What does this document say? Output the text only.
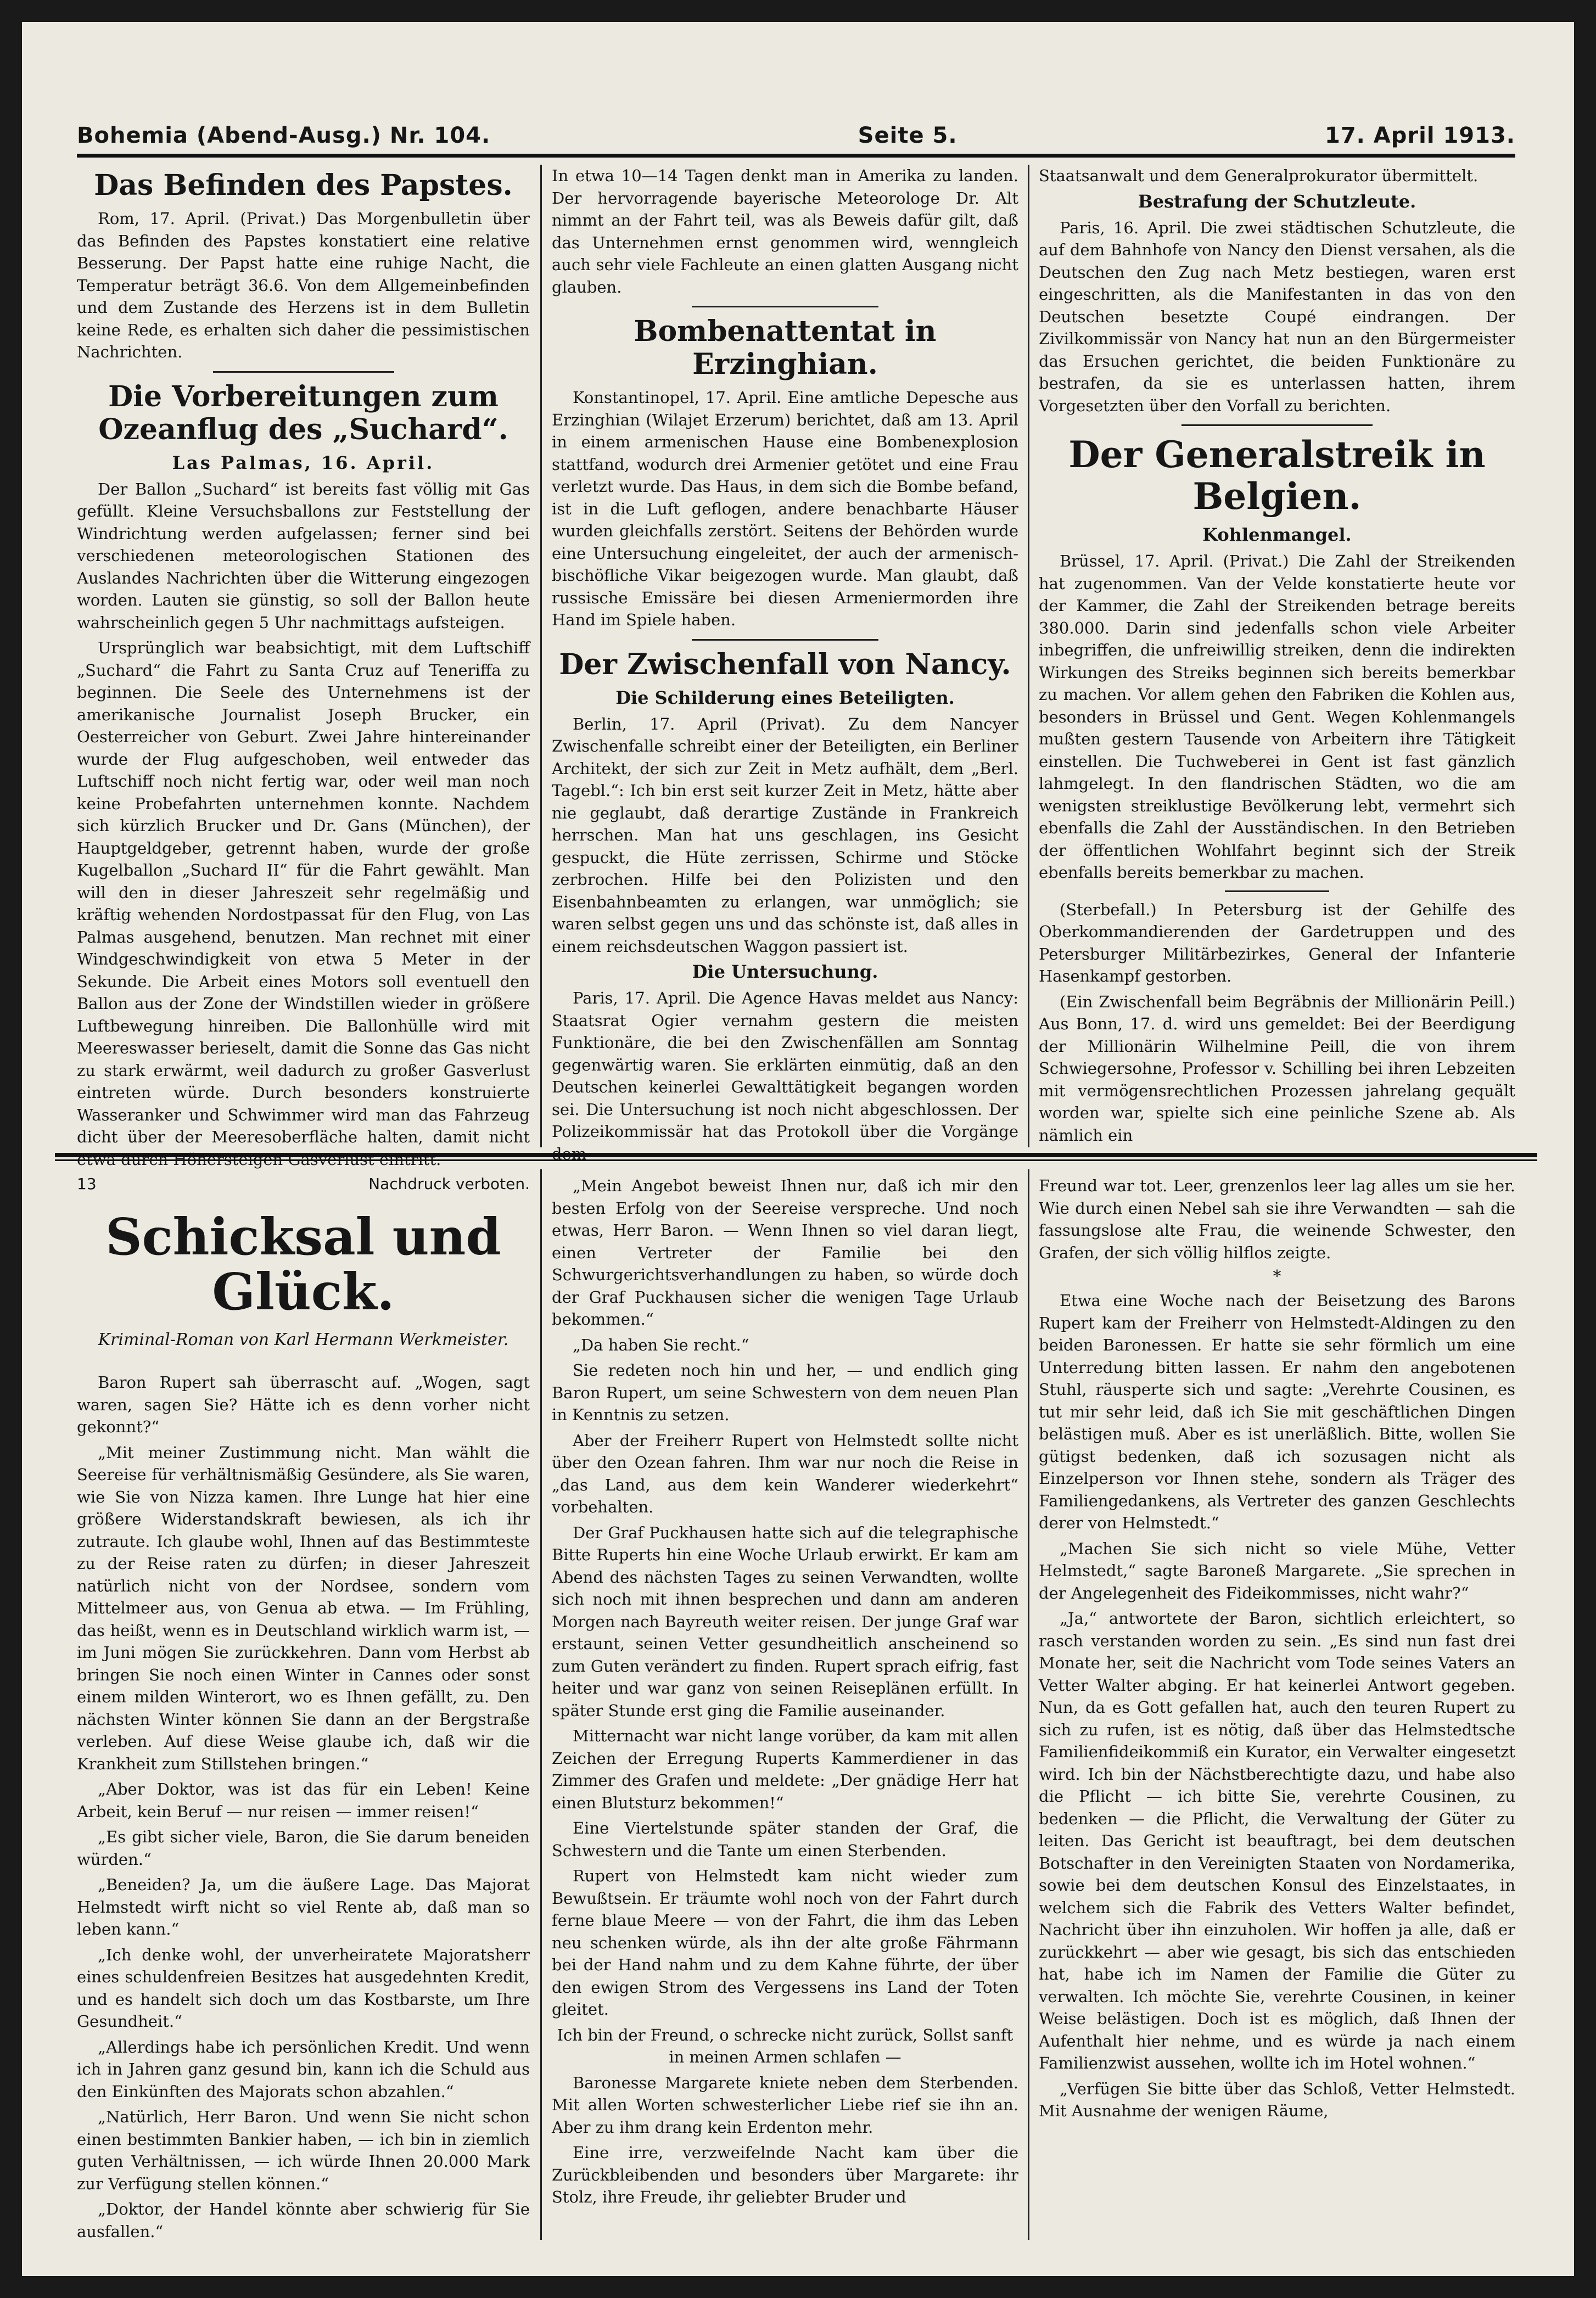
Bohemia (Abend-Ausg.) Nr. 104.	Seite 5.	17. April 1913.
Das Befinden des Papstes.

Rom, 17. April. (Privat.) Das Morgenbulletin über das Befinden des Papstes konstatiert eine relative Besserung. Der Papst hatte eine ruhige Nacht, die Temperatur beträgt 36.6. Von dem Allgemeinbefinden und dem Zustande des Herzens ist in dem Bulletin keine Rede, es erhalten sich daher die pessimistischen Nachrichten.

Die Vorbereitungen zum Ozeanflug des „Suchard“.
Las Palmas, 16. April.

Der Ballon „Suchard“ ist bereits fast völlig mit Gas gefüllt. Kleine Versuchsballons zur Feststellung der Windrichtung werden aufgelassen; ferner sind bei verschiedenen meteorologischen Stationen des Auslandes Nachrichten über die Witterung eingezogen worden. Lauten sie günstig, so soll der Ballon heute wahrscheinlich gegen 5 Uhr nachmittags aufsteigen.

Ursprünglich war beabsichtigt, mit dem Luftschiff „Suchard“ die Fahrt zu Santa Cruz auf Teneriffa zu beginnen. Die Seele des Unternehmens ist der amerikanische Journalist Joseph Brucker, ein Oesterreicher von Geburt. Zwei Jahre hintereinander wurde der Flug aufgeschoben, weil entweder das Luftschiff noch nicht fertig war, oder weil man noch keine Probefahrten unternehmen konnte. Nachdem sich kürzlich Brucker und Dr. Gans (München), der Hauptgeldgeber, getrennt haben, wurde der große Kugelballon „Suchard II“ für die Fahrt gewählt. Man will den in dieser Jahreszeit sehr regelmäßig und kräftig wehenden Nordostpassat für den Flug, von Las Palmas ausgehend, benutzen. Man rechnet mit einer Windgeschwindigkeit von etwa 5 Meter in der Sekunde. Die Arbeit eines Motors soll eventuell den Ballon aus der Zone der Windstillen wieder in größere Luftbewegung hinreiben. Die Ballonhülle wird mit Meereswasser berieselt, damit die Sonne das Gas nicht zu stark erwärmt, weil dadurch zu großer Gasverlust eintreten würde. Durch besonders konstruierte Wasseranker und Schwimmer wird man das Fahrzeug dicht über der Meeresoberfläche halten, damit nicht

In etwa 10—14 Tagen denkt man in Amerika zu landen. Der hervorragende bayerische Meteorologe Dr. Alt nimmt an der Fahrt teil, was als Beweis dafür gilt, daß das Unternehmen ernst genommen wird, wenngleich auch sehr viele Fachleute an einen glatten Ausgang nicht glauben.

Bombenattentat in Erzinghian.

Konstantinopel, 17. April. Eine amtliche Depesche aus Erzinghian (Wilajet Erzerum) berichtet, daß am 13. April in einem armenischen Hause eine Bombenexplosion stattfand, wodurch drei Armenier getötet und eine Frau verletzt wurde. Das Haus, in dem sich die Bombe befand, ist in die Luft geflogen, andere benachbarte Häuser wurden gleichfalls zerstört. Seitens der Behörden wurde eine Untersuchung eingeleitet, der auch der armenisch-bischöfliche Vikar beigezogen wurde. Man glaubt, daß russische Emissäre bei diesen Armeniermorden ihre Hand im Spiele haben.

Der Zwischenfall von Nancy.
Die Schilderung eines Beteiligten.

Berlin, 17. April (Privat). Zu dem Nancyer Zwischenfalle schreibt einer der Beteiligten, ein Berliner Architekt, der sich zur Zeit in Metz aufhält, dem „Berl. Tagebl.“: Ich bin erst seit kurzer Zeit in Metz, hätte aber nie geglaubt, daß derartige Zustände in Frankreich herrschen. Man hat uns geschlagen, ins Gesicht gespuckt, die Hüte zerrissen, Schirme und Stöcke zerbrochen. Hilfe bei den Polizisten und den Eisenbahnbeamten zu erlangen, war unmöglich; sie waren selbst gegen uns und das schönste ist, daß alles in einem reichsdeutschen Waggon passiert ist.

Die Untersuchung.

Paris, 17. April. Die Agence Havas meldet aus Nancy: Staatsrat Ogier vernahm gestern die meisten Funktionäre, die bei den Zwischenfällen am Sonntag gegenwärtig waren. Sie erklärten einmütig, daß an den Deutschen keinerlei Gewalttätigkeit begangen worden sei. Die Untersuchung ist noch nicht abgeschlossen. Der Polizeikommissär hat das Protokoll über die Vorgänge

Staatsanwalt und dem Generalprokurator übermittelt.

Bestrafung der Schutzleute.

Paris, 16. April. Die zwei städtischen Schutzleute, die auf dem Bahnhofe von Nancy den Dienst versahen, als die Deutschen den Zug nach Metz bestiegen, waren erst eingeschritten, als die Manifestanten in das von den Deutschen besetzte Coupé eindrangen. Der Zivilkommissär von Nancy hat nun an den Bürgermeister das Ersuchen gerichtet, die beiden Funktionäre zu bestrafen, da sie es unterlassen hatten, ihrem Vorgesetzten über den Vorfall zu berichten.

Der Generalstreik in Belgien.
Kohlenmangel.

Brüssel, 17. April. (Privat.) Die Zahl der Streikenden hat zugenommen. Van der Velde konstatierte heute vor der Kammer, die Zahl der Streikenden betrage bereits 380.000. Darin sind jedenfalls schon viele Arbeiter inbegriffen, die unfreiwillig streiken, denn die indirekten Wirkungen des Streiks beginnen sich bereits bemerkbar zu machen. Vor allem gehen den Fabriken die Kohlen aus, besonders in Brüssel und Gent. Wegen Kohlenmangels mußten gestern Tausende von Arbeitern ihre Tätigkeit einstellen. Die Tuchweberei in Gent ist fast gänzlich lahmgelegt. In den flandrischen Städten, wo die am wenigsten streiklustige Bevölkerung lebt, vermehrt sich ebenfalls die Zahl der Ausständischen. In den Betrieben der öffentlichen Wohlfahrt beginnt sich der Streik ebenfalls bereits bemerkbar zu machen.

(Sterbefall.) In Petersburg ist der Gehilfe des Oberkommandierenden der Gardetruppen und des Petersburger Militärbezirkes, General der Infanterie Hasenkampf gestorben.

(Ein Zwischenfall beim Begräbnis der Millionärin Peill.) Aus Bonn, 17. d. wird uns gemeldet: Bei der Beerdigung der Millionärin Wilhelmine Peill, die von ihrem Schwiegersohne, Professor v. Schilling bei ihren Lebzeiten mit vermögensrechtlichen Prozessen jahrelang gequält worden war, spielte sich eine peinliche Szene ab. Als nämlich ein

13	Nachdruck verboten.
Schicksal und Glück.
Kriminal-Roman von Karl Hermann Werkmeister.

Baron Rupert sah überrascht auf. „Wogen, sagt waren, sagen Sie? Hätte ich es denn vorher nicht gekonnt?“

„Mit meiner Zustimmung nicht. Man wählt die Seereise für verhältnismäßig Gesündere, als Sie waren, wie Sie von Nizza kamen. Ihre Lunge hat hier eine größere Widerstandskraft bewiesen, als ich ihr zutraute. Ich glaube wohl, Ihnen auf das Bestimmteste zu der Reise raten zu dürfen; in dieser Jahreszeit natürlich nicht von der Nordsee, sondern vom Mittelmeer aus, von Genua ab etwa. — Im Frühling, das heißt, wenn es in Deutschland wirklich warm ist, — im Juni mögen Sie zurückkehren. Dann vom Herbst ab bringen Sie noch einen Winter in Cannes oder sonst einem milden Winterort, wo es Ihnen gefällt, zu. Den nächsten Winter können Sie dann an der Bergstraße verleben. Auf diese Weise glaube ich, daß wir die Krankheit zum Stillstehen bringen.“

„Aber Doktor, was ist das für ein Leben! Keine Arbeit, kein Beruf — nur reisen — immer reisen!“

„Es gibt sicher viele, Baron, die Sie darum beneiden würden.“

„Beneiden? Ja, um die äußere Lage. Das Majorat Helmstedt wirft nicht so viel Rente ab, daß man so leben kann.“

„Ich denke wohl, der unverheiratete Majoratsherr eines schuldenfreien Besitzes hat ausgedehnten Kredit, und es handelt sich doch um das Kostbarste, um Ihre Gesundheit.“

„Allerdings habe ich persönlichen Kredit. Und wenn ich in Jahren ganz gesund bin, kann ich die Schuld aus den Einkünften des Majorats schon abzahlen.“

„Natürlich, Herr Baron. Und wenn Sie nicht schon einen bestimmten Bankier haben, — ich bin in ziemlich guten Verhältnissen, — ich würde Ihnen 20.000 Mark zur Verfügung stellen können.“

„Doktor, der Handel könnte aber schwierig für Sie ausfallen.“

„Mein Angebot beweist Ihnen nur, daß ich mir den besten Erfolg von der Seereise verspreche. Und noch etwas, Herr Baron. — Wenn Ihnen so viel daran liegt, einen Vertreter der Familie bei den Schwurgerichtsverhandlungen zu haben, so würde doch der Graf Puckhausen sicher die wenigen Tage Urlaub bekommen.“

„Da haben Sie recht.“

Sie redeten noch hin und her, — und endlich ging Baron Rupert, um seine Schwestern von dem neuen Plan in Kenntnis zu setzen.

Aber der Freiherr Rupert von Helmstedt sollte nicht über den Ozean fahren. Ihm war nur noch die Reise in „das Land, aus dem kein Wanderer wiederkehrt“ vorbehalten.

Der Graf Puckhausen hatte sich auf die telegraphische Bitte Ruperts hin eine Woche Urlaub erwirkt. Er kam am Abend des nächsten Tages zu seinen Verwandten, wollte sich noch mit ihnen besprechen und dann am anderen Morgen nach Bayreuth weiter reisen. Der junge Graf war erstaunt, seinen Vetter gesundheitlich anscheinend so zum Guten verändert zu finden. Rupert sprach eifrig, fast heiter und war ganz von seinen Reiseplänen erfüllt. In später Stunde erst ging die Familie auseinander.

Mitternacht war nicht lange vorüber, da kam mit allen Zeichen der Erregung Ruperts Kammerdiener in das Zimmer des Grafen und meldete: „Der gnädige Herr hat einen Blutsturz bekommen!“

Eine Viertelstunde später standen der Graf, die Schwestern und die Tante um einen Sterbenden.

Rupert von Helmstedt kam nicht wieder zum Bewußtsein. Er träumte wohl noch von der Fahrt durch ferne blaue Meere — von der Fahrt, die ihm das Leben neu schenken würde, als ihn der alte große Fährmann bei der Hand nahm und zu dem Kahne führte, der über den ewigen Strom des Vergessens ins Land der Toten gleitet.

Ich bin der Freund, o schrecke nicht zurück, Sollst sanft in meinen Armen schlafen —

Baronesse Margarete kniete neben dem Sterbenden. Mit allen Worten schwesterlicher Liebe rief sie ihn an. Aber zu ihm drang kein Erdenton mehr.

Eine irre, verzweifelnde Nacht kam über die Zurückbleibenden und besonders über Margarete: ihr Stolz, ihre Freude, ihr geliebter Bruder und

Freund war tot. Leer, grenzenlos leer lag alles um sie her. Wie durch einen Nebel sah sie ihre Verwandten — sah die fassungslose alte Frau, die weinende Schwester, den Grafen, der sich völlig hilflos zeigte.

*

Etwa eine Woche nach der Beisetzung des Barons Rupert kam der Freiherr von Helmstedt-Aldingen zu den beiden Baronessen. Er hatte sie sehr förmlich um eine Unterredung bitten lassen. Er nahm den angebotenen Stuhl, räusperte sich und sagte: „Verehrte Cousinen, es tut mir sehr leid, daß ich Sie mit geschäftlichen Dingen belästigen muß. Aber es ist unerläßlich. Bitte, wollen Sie gütigst bedenken, daß ich sozusagen nicht als Einzelperson vor Ihnen stehe, sondern als Träger des Familiengedankens, als Vertreter des ganzen Geschlechts derer von Helmstedt.“

„Machen Sie sich nicht so viele Mühe, Vetter Helmstedt,“ sagte Baroneß Margarete. „Sie sprechen in der Angelegenheit des Fideikommisses, nicht wahr?“

„Ja,“ antwortete der Baron, sichtlich erleichtert, so rasch verstanden worden zu sein. „Es sind nun fast drei Monate her, seit die Nachricht vom Tode seines Vaters an Vetter Walter abging. Er hat keinerlei Antwort gegeben. Nun, da es Gott gefallen hat, auch den teuren Rupert zu sich zu rufen, ist es nötig, daß über das Helmstedtsche Familienfideikommiß ein Kurator, ein Verwalter eingesetzt wird. Ich bin der Nächstberechtigte dazu, und habe also die Pflicht — ich bitte Sie, verehrte Cousinen, zu bedenken — die Pflicht, die Verwaltung der Güter zu leiten. Das Gericht ist beauftragt, bei dem deutschen Botschafter in den Vereinigten Staaten von Nordamerika, sowie bei dem deutschen Konsul des Einzelstaates, in welchem sich die Fabrik des Vetters Walter befindet, Nachricht über ihn einzuholen. Wir hoffen ja alle, daß er zurückkehrt — aber wie gesagt, bis sich das entschieden hat, habe ich im Namen der Familie die Güter zu verwalten. Ich möchte Sie, verehrte Cousinen, in keiner Weise belästigen. Doch ist es möglich, daß Ihnen der Aufenthalt hier nehme, und es würde ja nach einem Familienzwist aussehen, wollte ich im Hotel wohnen.“

„Verfügen Sie bitte über das Schloß, Vetter Helmstedt. Mit Ausnahme der wenigen Räume,
